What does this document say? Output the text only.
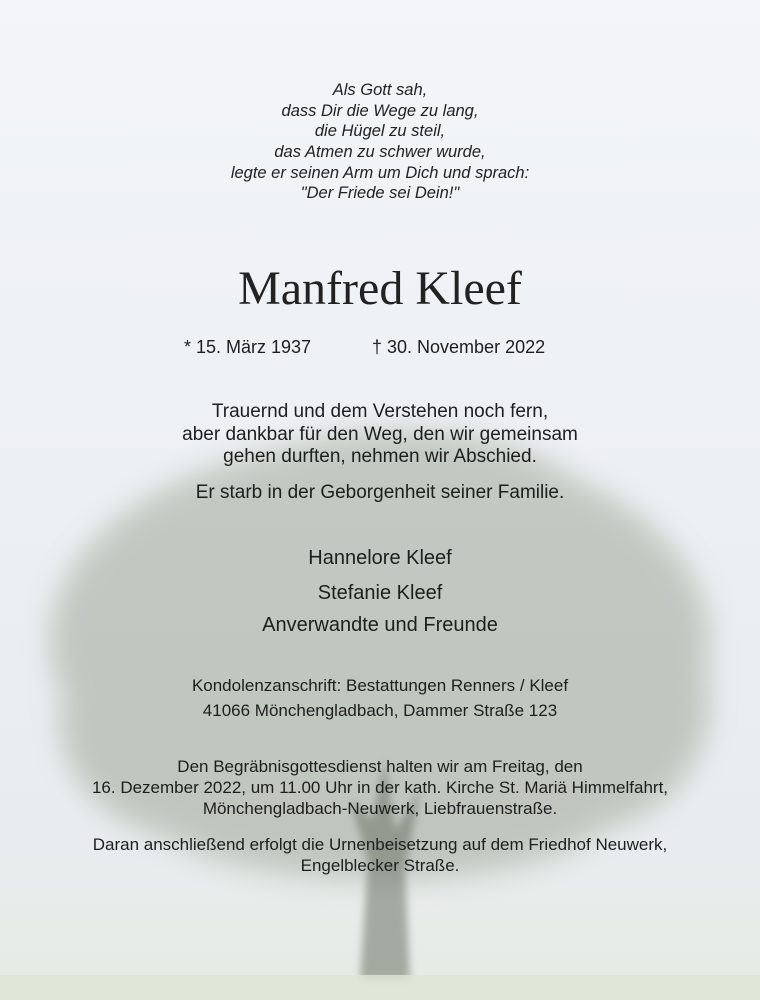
Als Gott sah,
dass Dir die Wege zu lang,
die Hügel zu steil,
das Atmen zu schwer wurde,
legte er seinen Arm um Dich und sprach:
"Der Friede sei Dein!"
Manfred Kleef
* 15. März 1937	† 30. November 2022
Trauernd und dem Verstehen noch fern,
aber dankbar für den Weg, den wir gemeinsam
gehen durften, nehmen wir Abschied.
Er starb in der Geborgenheit seiner Familie.
Hannelore Kleef
Stefanie Kleef
Anverwandte und Freunde
Kondolenzanschrift: Bestattungen Renners / Kleef
41066 Mönchengladbach, Dammer Straße 123
Den Begräbnisgottesdienst halten wir am Freitag, den
16. Dezember 2022, um 11.00 Uhr in der kath. Kirche St. Mariä Himmelfahrt,
Mönchengladbach-Neuwerk, Liebfrauenstraße.
Daran anschließend erfolgt die Urnenbeisetzung auf dem Friedhof Neuwerk,
Engelblecker Straße.
